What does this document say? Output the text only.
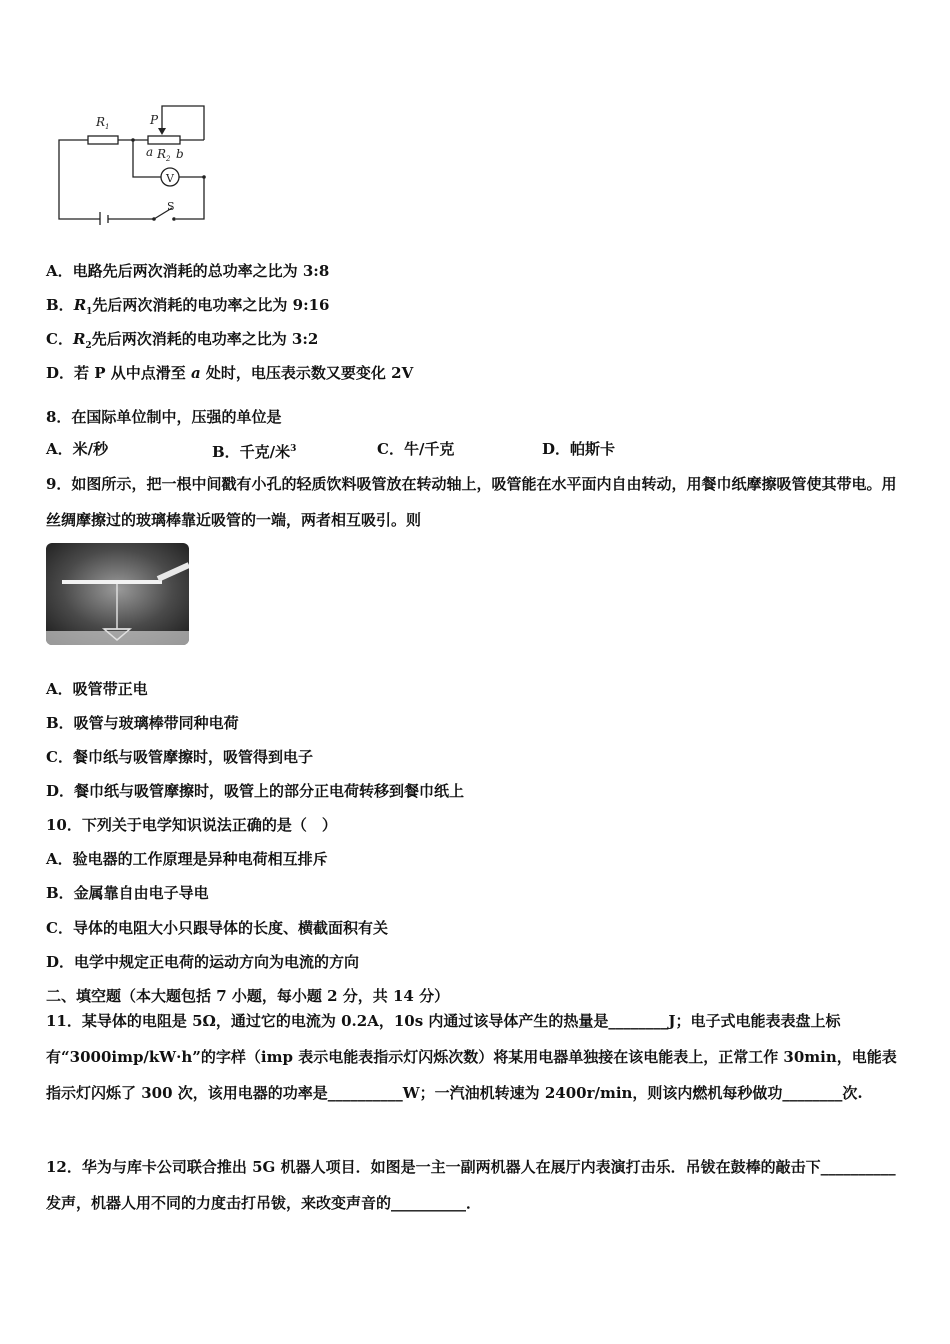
R 1	P
a R 2 b
V
S
A．电路先后两次消耗的总功率之比为 3:8
B．$R_1$先后两次消耗的电功率之比为 9:16
C．$R_2$先后两次消耗的电功率之比为 3:2
D．若 P 从中点滑至 a 处时，电压表示数又要变化 2V
8．在国际单位制中，压强的单位是
A．米/秒	B．千克/米$^3$	C．牛/千克	D．帕斯卡
9．如图所示，把一根中间戳有小孔的轻质饮料吸管放在转动轴上，吸管能在水平面内自由转动，用餐巾纸摩擦吸管使其带电。用丝绸摩擦过的玻璃棒靠近吸管的一端，两者相互吸引。则
A．吸管带正电
B．吸管与玻璃棒带同种电荷
C．餐巾纸与吸管摩擦时，吸管得到电子
D．餐巾纸与吸管摩擦时，吸管上的部分正电荷转移到餐巾纸上
10．下列关于电学知识说法正确的是（　）
A．验电器的工作原理是异种电荷相互排斥
B．金属靠自由电子导电
C．导体的电阻大小只跟导体的长度、横截面积有关
D．电学中规定正电荷的运动方向为电流的方向
二、填空题（本大题包括 7 小题，每小题 2 分，共 14 分）
11．某导体的电阻是 5Ω，通过它的电流为 0.2A，10s 内通过该导体产生的热量是________J；电子式电能表表盘上标有“3000imp/kW·h”的字样（imp 表示电能表指示灯闪烁次数）将某用电器单独接在该电能表上，正常工作 30min，电能表指示灯闪烁了 300 次，该用电器的功率是__________W；一汽油机转速为 2400r/min，则该内燃机每秒做功________次.
12．华为与库卡公司联合推出 5G 机器人项目．如图是一主一副两机器人在展厅内表演打击乐．吊钹在鼓棒的敲击下__________发声，机器人用不同的力度击打吊钹，来改变声音的__________．
